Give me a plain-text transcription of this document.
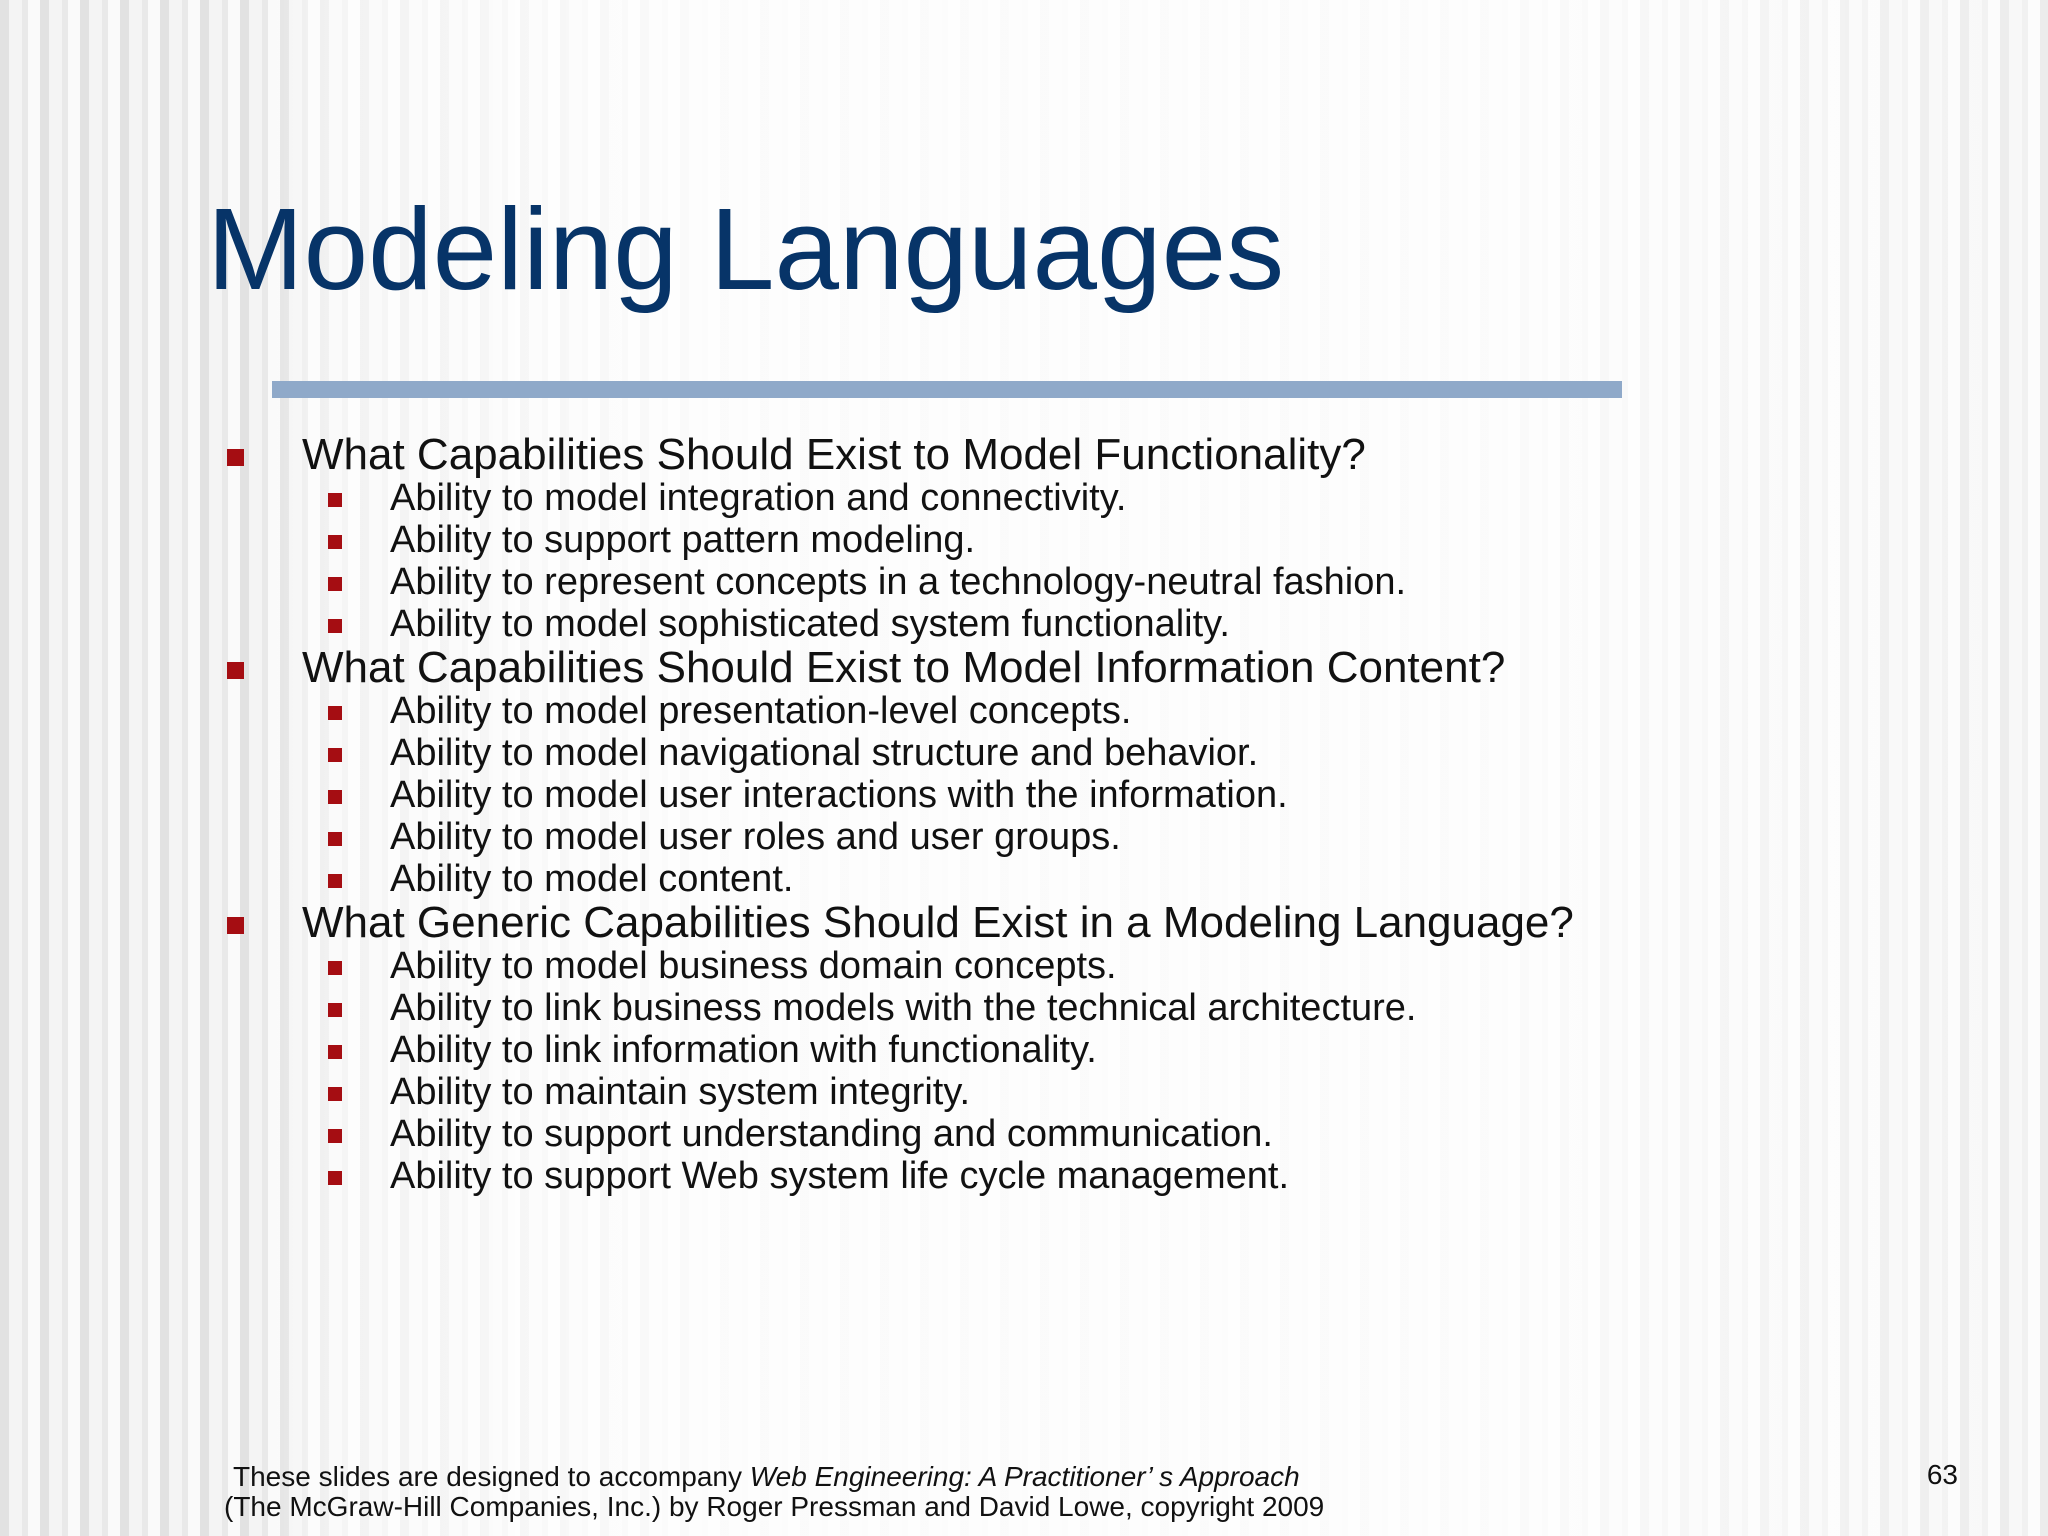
Modeling Languages
What Capabilities Should Exist to Model Functionality?
Ability to model integration and connectivity.
Ability to support pattern modeling.
Ability to represent concepts in a technology-neutral fashion.
Ability to model sophisticated system functionality.
What Capabilities Should Exist to Model Information Content?
Ability to model presentation-level concepts.
Ability to model navigational structure and behavior.
Ability to model user interactions with the information.
Ability to model user roles and user groups.
Ability to model content.
What Generic Capabilities Should Exist in a Modeling Language?
Ability to model business domain concepts.
Ability to link business models with the technical architecture.
Ability to link information with functionality.
Ability to maintain system integrity.
Ability to support understanding and communication.
Ability to support Web system life cycle management.
These slides are designed to accompany Web Engineering: A Practitioner’ s Approach
(The McGraw-Hill Companies, Inc.) by Roger Pressman and David Lowe, copyright 2009
63
